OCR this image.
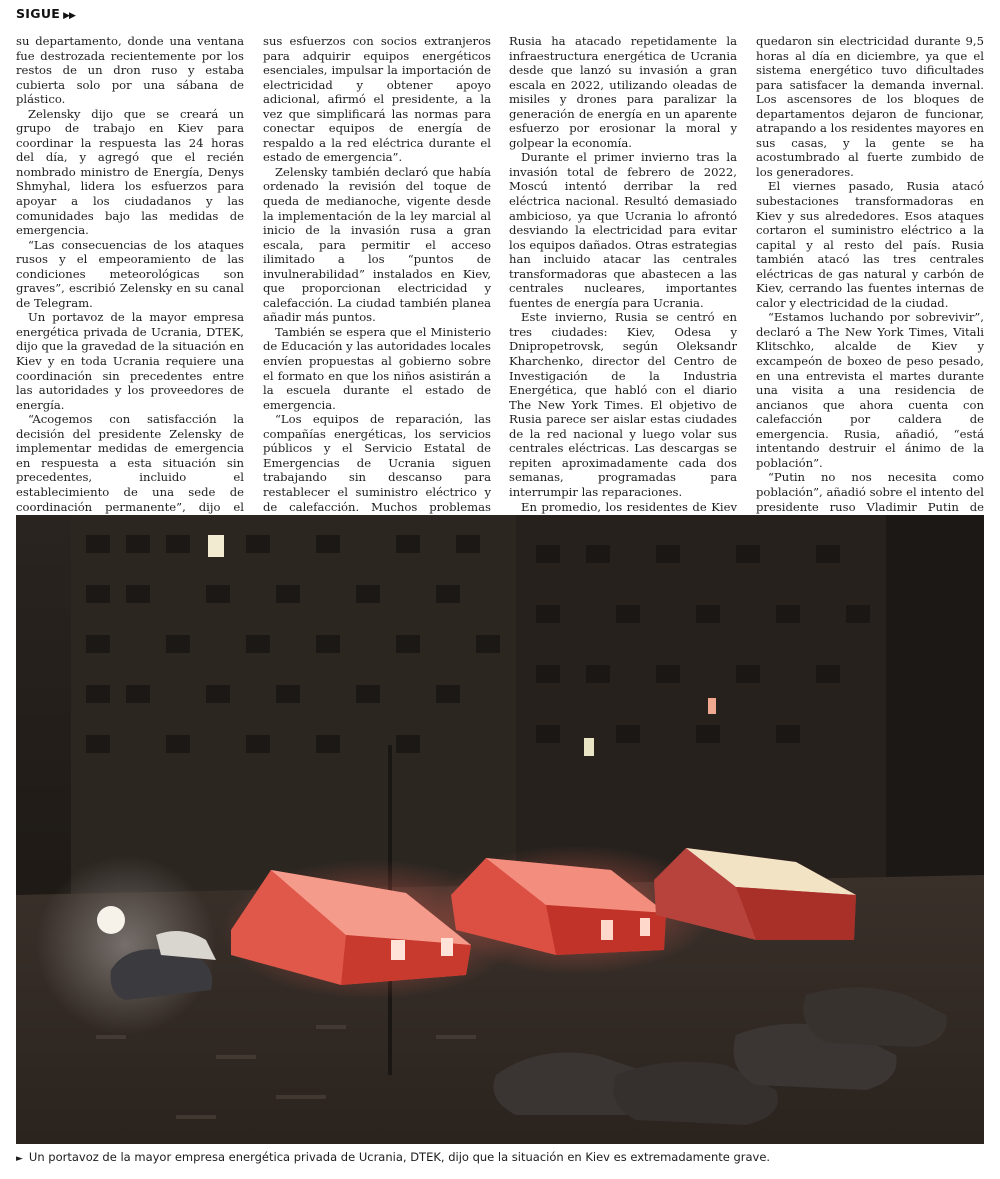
SIGUE ▶▶

su departamento, donde una ventana fue destrozada recientemente por los restos de un dron ruso y estaba cubierta solo por una sábana de plástico.

Zelensky dijo que se creará un grupo de trabajo en Kiev para coordinar la respuesta las 24 horas del día, y agregó que el recién nombrado ministro de Energía, Denys Shmyhal, lidera los esfuerzos para apoyar a los ciudadanos y las comunidades bajo las medidas de emergencia.

“Las consecuencias de los ataques rusos y el empeoramiento de las condiciones meteorológicas son graves”, escribió Zelensky en su canal de Telegram.

Un portavoz de la mayor empresa energética privada de Ucrania, DTEK, dijo que la gravedad de la situación en Kiev y en toda Ucrania requiere una coordinación sin precedentes entre las autoridades y los proveedores de energía.

“Acogemos con satisfacción la decisión del presidente Zelensky de implementar medidas de emergencia en respuesta a esta situación sin precedentes, incluido el establecimiento de una sede de coordinación permanente”, dijo el

sus esfuerzos con socios extranjeros para adquirir equipos energéticos esenciales, impulsar la importación de electricidad y obtener apoyo adicional, afirmó el presidente, a la vez que simplificará las normas para conectar equipos de energía de respaldo a la red eléctrica durante el estado de emergencia”.

Zelensky también declaró que había ordenado la revisión del toque de queda de medianoche, vigente desde la implementación de la ley marcial al inicio de la invasión rusa a gran escala, para permitir el acceso ilimitado a los “puntos de invulnerabilidad” instalados en Kiev, que proporcionan electricidad y calefacción. La ciudad también planea añadir más puntos.

También se espera que el Ministerio de Educación y las autoridades locales envíen propuestas al gobierno sobre el formato en que los niños asistirán a la escuela durante el estado de emergencia.

“Los equipos de reparación, las compañías energéticas, los servicios públicos y el Servicio Estatal de Emergencias de Ucrania siguen trabajando sin descanso para restablecer el suministro eléctrico y de calefacción. Muchos problemas

Rusia ha atacado repetidamente la infraestructura energética de Ucrania desde que lanzó su invasión a gran escala en 2022, utilizando oleadas de misiles y drones para paralizar la generación de energía en un aparente esfuerzo por erosionar la moral y golpear la economía.

Durante el primer invierno tras la invasión total de febrero de 2022, Moscú intentó derribar la red eléctrica nacional. Resultó demasiado ambicioso, ya que Ucrania lo afrontó desviando la electricidad para evitar los equipos dañados. Otras estrategias han incluido atacar las centrales transformadoras que abastecen a las centrales nucleares, importantes fuentes de energía para Ucrania.

Este invierno, Rusia se centró en tres ciudades: Kiev, Odesa y Dnipropetrovsk, según Oleksandr Kharchenko, director del Centro de Investigación de la Industria Energética, que habló con el diario The New York Times. El objetivo de Rusia parece ser aislar estas ciudades de la red nacional y luego volar sus centrales eléctricas. Las descargas se repiten aproximadamente cada dos semanas, programadas para interrumpir las reparaciones.

En promedio, los residentes de Kiev

quedaron sin electricidad durante 9,5 horas al día en diciembre, ya que el sistema energético tuvo dificultades para satisfacer la demanda invernal. Los ascensores de los bloques de departamentos dejaron de funcionar, atrapando a los residentes mayores en sus casas, y la gente se ha acostumbrado al fuerte zumbido de los generadores.

El viernes pasado, Rusia atacó subestaciones transformadoras en Kiev y sus alrededores. Esos ataques cortaron el suministro eléctrico a la capital y al resto del país. Rusia también atacó las tres centrales eléctricas de gas natural y carbón de Kiev, cerrando las fuentes internas de calor y electricidad de la ciudad.

“Estamos luchando por sobrevivir”, declaró a The New York Times, Vitali Klitschko, alcalde de Kiev y excampeón de boxeo de peso pesado, en una entrevista el martes durante una visita a una residencia de ancianos que ahora cuenta con calefacción por caldera de emergencia. Rusia, añadió, “está intentando destruir el ánimo de la población”.

“Putin no nos necesita como población”, añadió sobre el intento del presidente ruso Vladimir Putin de

► Un portavoz de la mayor empresa energética privada de Ucrania, DTEK, dijo que la situación en Kiev es extremadamente grave.
